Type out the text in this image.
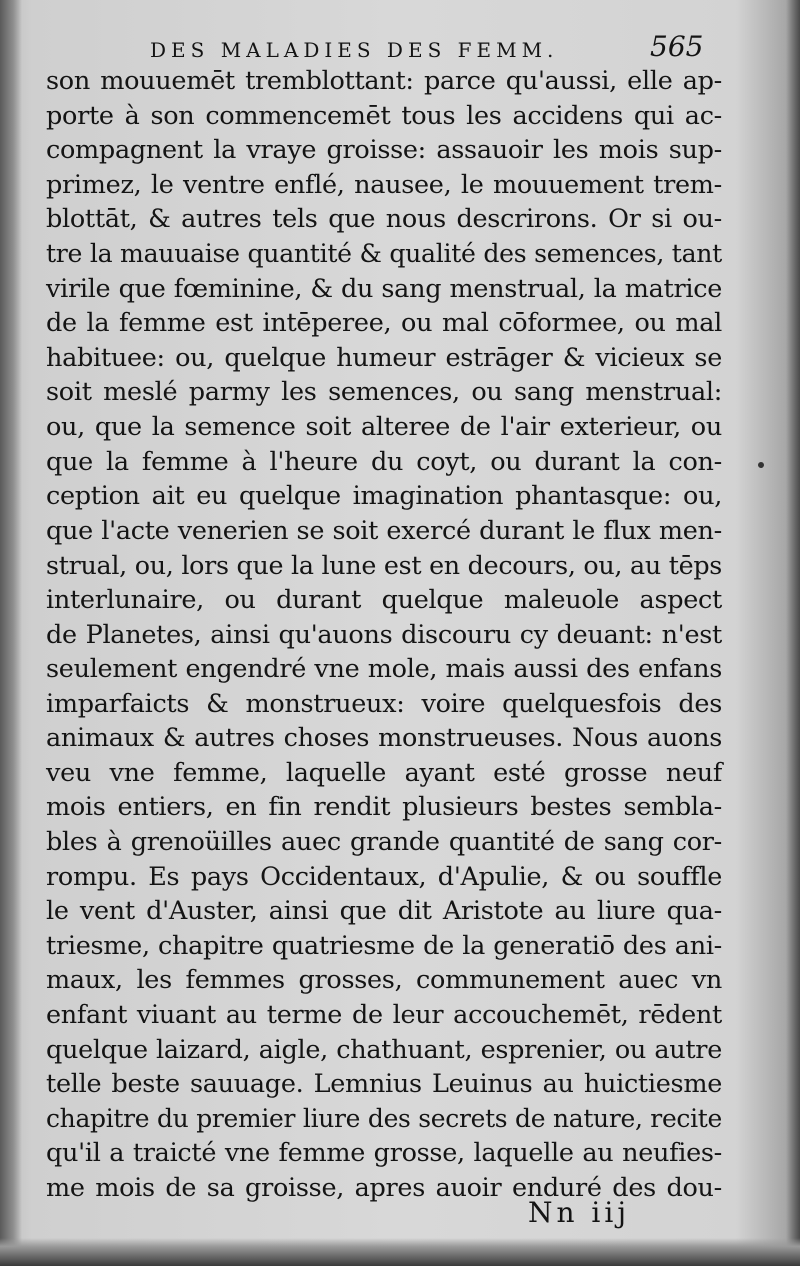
DES MALADIES DES FEMM.	565
son mouuemēt tremblottant: parce qu'aussi, elle ap-
porte à son commencemēt tous les accidens qui ac-
compagnent la vraye groisse: assauoir les mois sup-
primez, le ventre enflé, nausee, le mouuement trem-
blottāt, & autres tels que nous descrirons. Or si ou-
tre la mauuaise quantité & qualité des semences, tant
virile que fœminine, & du sang menstrual, la matrice
de la femme est intēperee, ou mal cōformee, ou mal
habituee: ou, quelque humeur estrāger & vicieux se
soit meslé parmy les semences, ou sang menstrual:
ou, que la semence soit alteree de l'air exterieur, ou
que la femme à l'heure du coyt, ou durant la con-
ception ait eu quelque imagination phantasque: ou,
que l'acte venerien se soit exercé durant le flux men-
strual, ou, lors que la lune est en decours, ou, au tēps
interlunaire, ou durant quelque maleuole aspect
de Planetes, ainsi qu'auons discouru cy deuant: n'est
seulement engendré vne mole, mais aussi des enfans
imparfaicts & monstrueux: voire quelquesfois des
animaux & autres choses monstrueuses. Nous auons
veu vne femme, laquelle ayant esté grosse neuf
mois entiers, en fin rendit plusieurs bestes sembla-
bles à grenoüilles auec grande quantité de sang cor-
rompu. Es pays Occidentaux, d'Apulie, & ou souffle
le vent d'Auster, ainsi que dit Aristote au liure qua-
triesme, chapitre quatriesme de la generatiō des ani-
maux, les femmes grosses, communement auec vn
enfant viuant au terme de leur accouchemēt, rēdent
quelque laizard, aigle, chathuant, esprenier, ou autre
telle beste sauuage. Lemnius Leuinus au huictiesme
chapitre du premier liure des secrets de nature, recite
qu'il a traicté vne femme grosse, laquelle au neufies-
me mois de sa groisse, apres auoir enduré des dou-
Nn iij
